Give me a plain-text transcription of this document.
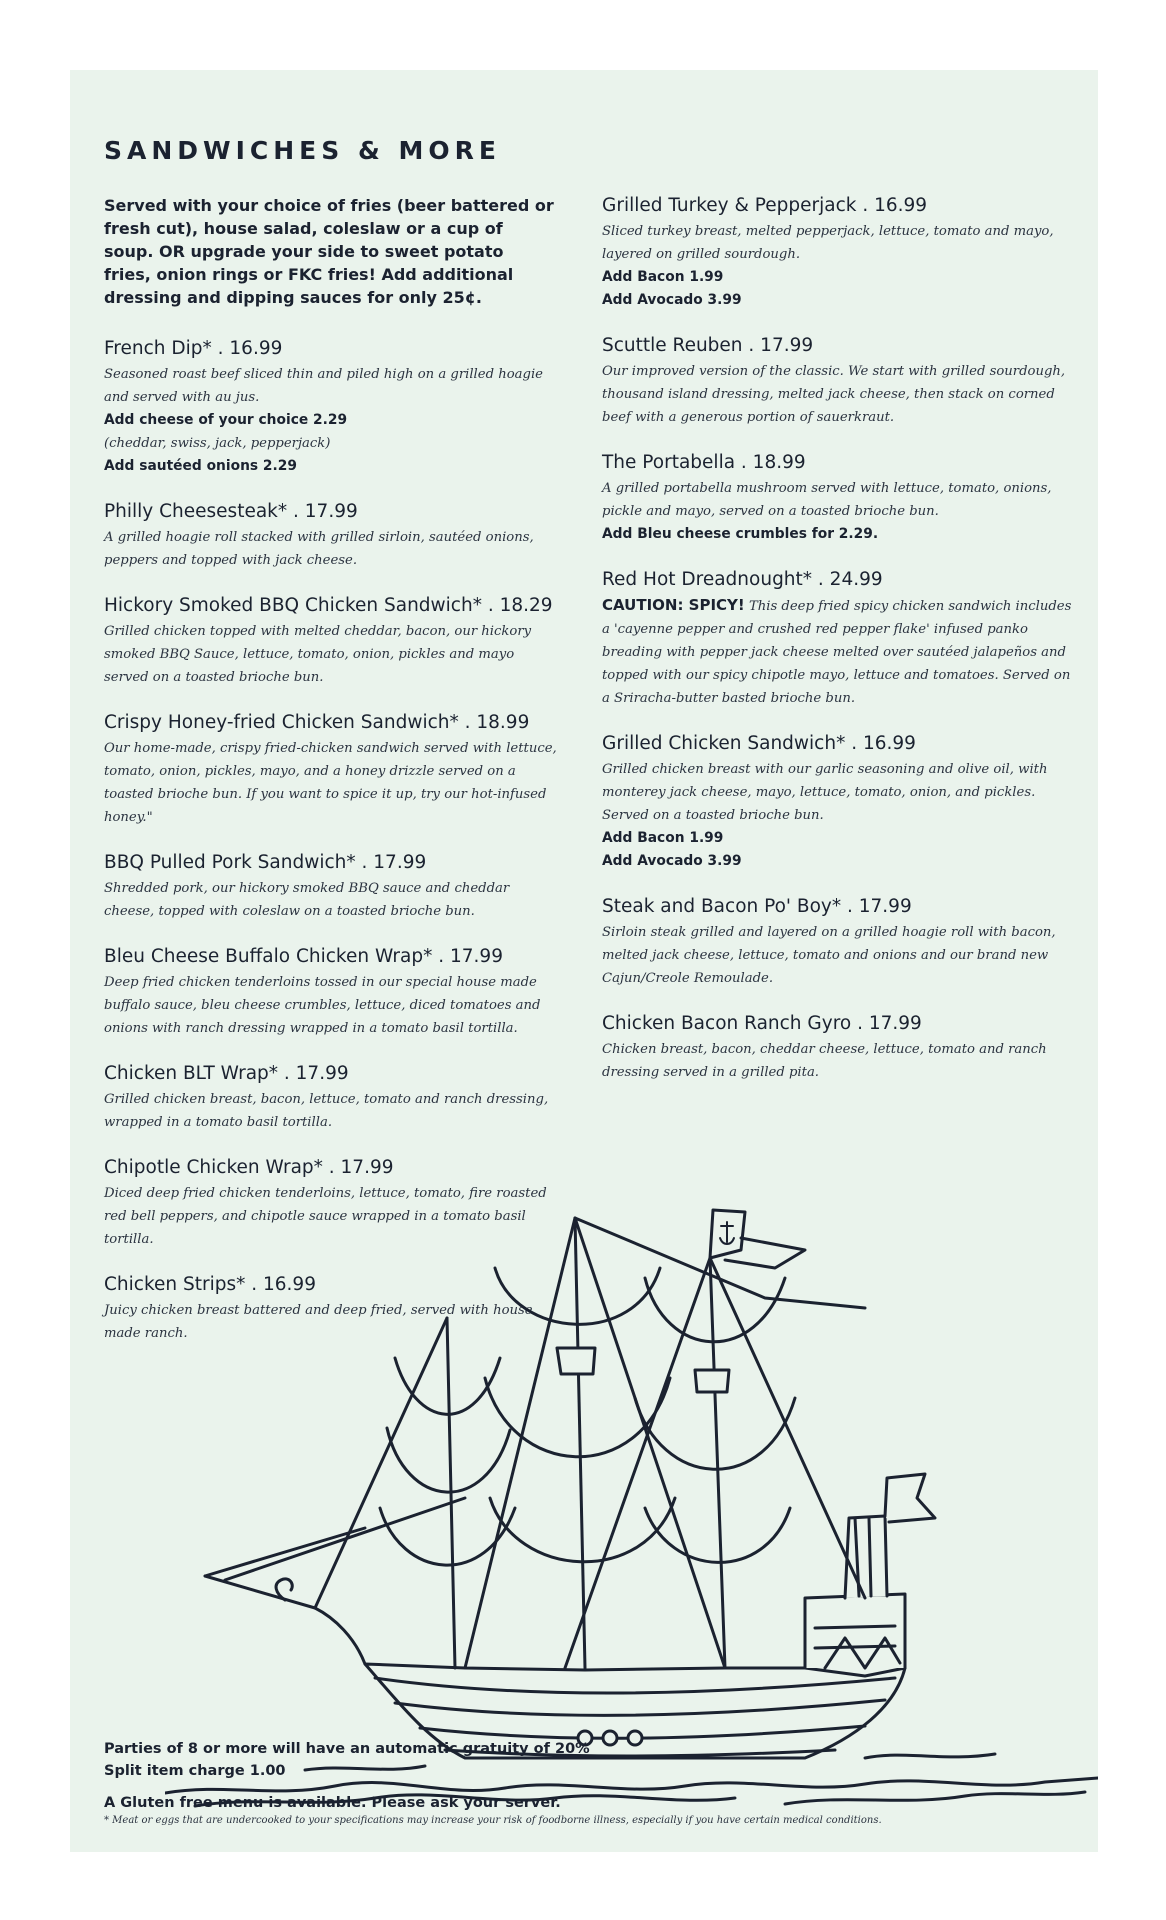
SANDWICHES & MORE

Served with your choice of fries (beer battered or fresh cut), house salad, coleslaw or a cup of soup. OR upgrade your side to sweet potato fries, onion rings or FKC fries! Add additional dressing and dipping sauces for only 25¢.

French Dip* . 16.99

Seasoned roast beef sliced thin and piled high on a grilled hoagie and served with au jus.

Add cheese of your choice 2.29

(cheddar, swiss, jack, pepperjack)

Add sautéed onions 2.29

Philly Cheesesteak* . 17.99

A grilled hoagie roll stacked with grilled sirloin, sautéed onions, peppers and topped with jack cheese.

Hickory Smoked BBQ Chicken Sandwich* . 18.29

Grilled chicken topped with melted cheddar, bacon, our hickory smoked BBQ Sauce, lettuce, tomato, onion, pickles and mayo served on a toasted brioche bun.

Crispy Honey-fried Chicken Sandwich* . 18.99

Our home-made, crispy fried-chicken sandwich served with lettuce, tomato, onion, pickles, mayo, and a honey drizzle served on a toasted brioche bun. If you want to spice it up, try our hot-infused honey."

BBQ Pulled Pork Sandwich* . 17.99

Shredded pork, our hickory smoked BBQ sauce and cheddar cheese, topped with coleslaw on a toasted brioche bun.

Bleu Cheese Buffalo Chicken Wrap* . 17.99

Deep fried chicken tenderloins tossed in our special house made buffalo sauce, bleu cheese crumbles, lettuce, diced tomatoes and onions with ranch dressing wrapped in a tomato basil tortilla.

Chicken BLT Wrap* . 17.99

Grilled chicken breast, bacon, lettuce, tomato and ranch dressing, wrapped in a tomato basil tortilla.

Chipotle Chicken Wrap* . 17.99

Diced deep fried chicken tenderloins, lettuce, tomato, fire roasted red bell peppers, and chipotle sauce wrapped in a tomato basil tortilla.

Chicken Strips* . 16.99

Juicy chicken breast battered and deep fried, served with house made ranch.

Grilled Turkey & Pepperjack . 16.99

Sliced turkey breast, melted pepperjack, lettuce, tomato and mayo, layered on grilled sourdough.

Add Bacon 1.99

Add Avocado 3.99

Scuttle Reuben . 17.99

Our improved version of the classic. We start with grilled sourdough, thousand island dressing, melted jack cheese, then stack on corned beef with a generous portion of sauerkraut.

The Portabella . 18.99

A grilled portabella mushroom served with lettuce, tomato, onions, pickle and mayo, served on a toasted brioche bun.

Add Bleu cheese crumbles for 2.29.

Red Hot Dreadnought* . 24.99

CAUTION: SPICY! This deep fried spicy chicken sandwich includes a 'cayenne pepper and crushed red pepper flake' infused panko breading with pepper jack cheese melted over sautéed jalapeños and topped with our spicy chipotle mayo, lettuce and tomatoes. Served on a Sriracha-butter basted brioche bun.

Grilled Chicken Sandwich* . 16.99

Grilled chicken breast with our garlic seasoning and olive oil, with monterey jack cheese, mayo, lettuce, tomato, onion, and pickles. Served on a toasted brioche bun.

Add Bacon 1.99

Add Avocado 3.99

Steak and Bacon Po' Boy* . 17.99

Sirloin steak grilled and layered on a grilled hoagie roll with bacon, melted jack cheese, lettuce, tomato and onions and our brand new Cajun/Creole Remoulade.

Chicken Bacon Ranch Gyro . 17.99

Chicken breast, bacon, cheddar cheese, lettuce, tomato and ranch dressing served in a grilled pita.

Parties of 8 or more will have an automatic gratuity of 20%

Split item charge 1.00

A Gluten free menu is available. Please ask your server.

* Meat or eggs that are undercooked to your specifications may increase your risk of foodborne illness, especially if you have certain medical conditions.
